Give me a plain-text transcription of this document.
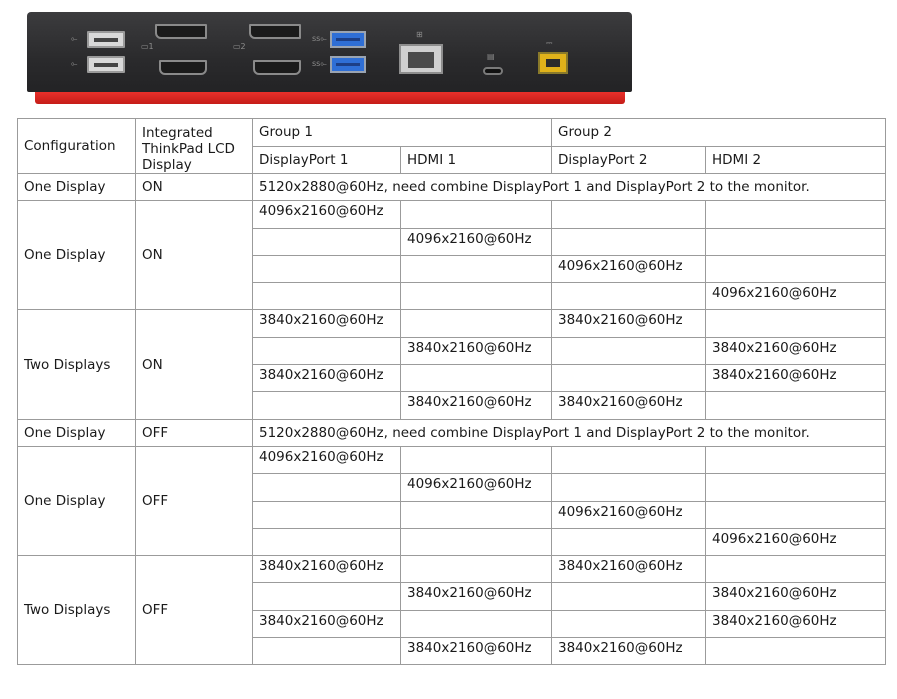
⟜
⟜
▭1	▭2
ss⟜
ss⟜
⊞
▤
⎓
Configuration	Integrated ThinkPad LCD Display	Group 1		Group 2	
		DisplayPort 1	HDMI 1	DisplayPort 2	HDMI 2
One Display	ON	5120x2880@60Hz, need combine DisplayPort 1 and DisplayPort 2 to the monitor.			
One Display	ON	4096x2160@60Hz			
			4096x2160@60Hz		
				4096x2160@60Hz	
					4096x2160@60Hz
Two Displays	ON	3840x2160@60Hz		3840x2160@60Hz	
			3840x2160@60Hz		3840x2160@60Hz
		3840x2160@60Hz			3840x2160@60Hz
			3840x2160@60Hz	3840x2160@60Hz	
One Display	OFF	5120x2880@60Hz, need combine DisplayPort 1 and DisplayPort 2 to the monitor.			
One Display	OFF	4096x2160@60Hz			
			4096x2160@60Hz		
				4096x2160@60Hz	
					4096x2160@60Hz
Two Displays	OFF	3840x2160@60Hz		3840x2160@60Hz	
			3840x2160@60Hz		3840x2160@60Hz
		3840x2160@60Hz			3840x2160@60Hz
			3840x2160@60Hz	3840x2160@60Hz	
